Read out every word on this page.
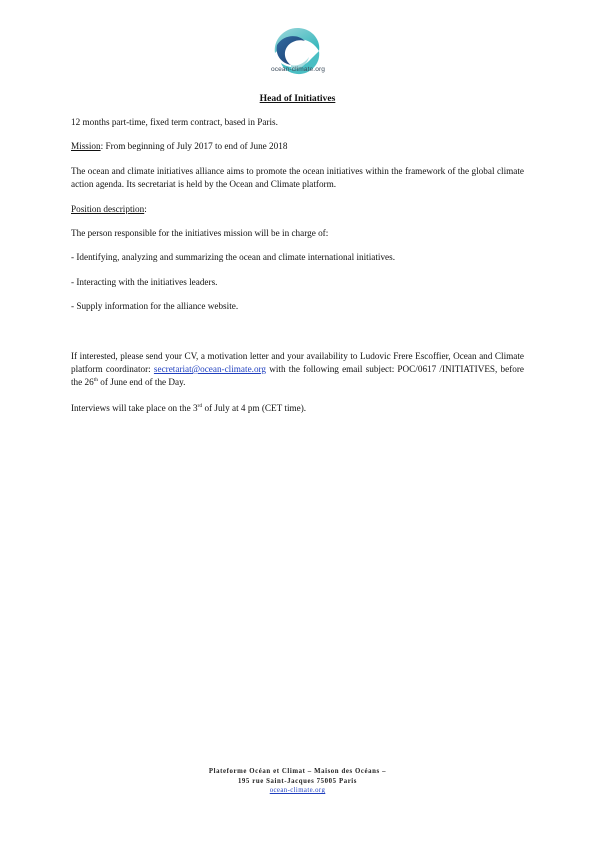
ocean-climate.org
Head of Initiatives

12 months part-time, fixed term contract, based in Paris.

Mission: From beginning of July 2017 to end of June 2018

The ocean and climate initiatives alliance aims to promote the ocean initiatives within the framework of the global climate action agenda. Its secretariat is held by the Ocean and Climate platform.

Position description:

The person responsible for the initiatives mission will be in charge of:

- Identifying, analyzing and summarizing the ocean and climate international initiatives.

- Interacting with the initiatives leaders.

- Supply information for the alliance website.

If interested, please send your CV, a motivation letter and your availability to Ludovic Frere Escoffier, Ocean and Climate platform coordinator: secretariat@ocean-climate.org with the following email subject: POC/0617 /INITIATIVES, before the 26th of June end of the Day.

Interviews will take place on the 3rd of July at 4 pm (CET time).

Plateforme Océan et Climat – Maison des Océans –
195 rue Saint-Jacques 75005 Paris
ocean-climate.org
